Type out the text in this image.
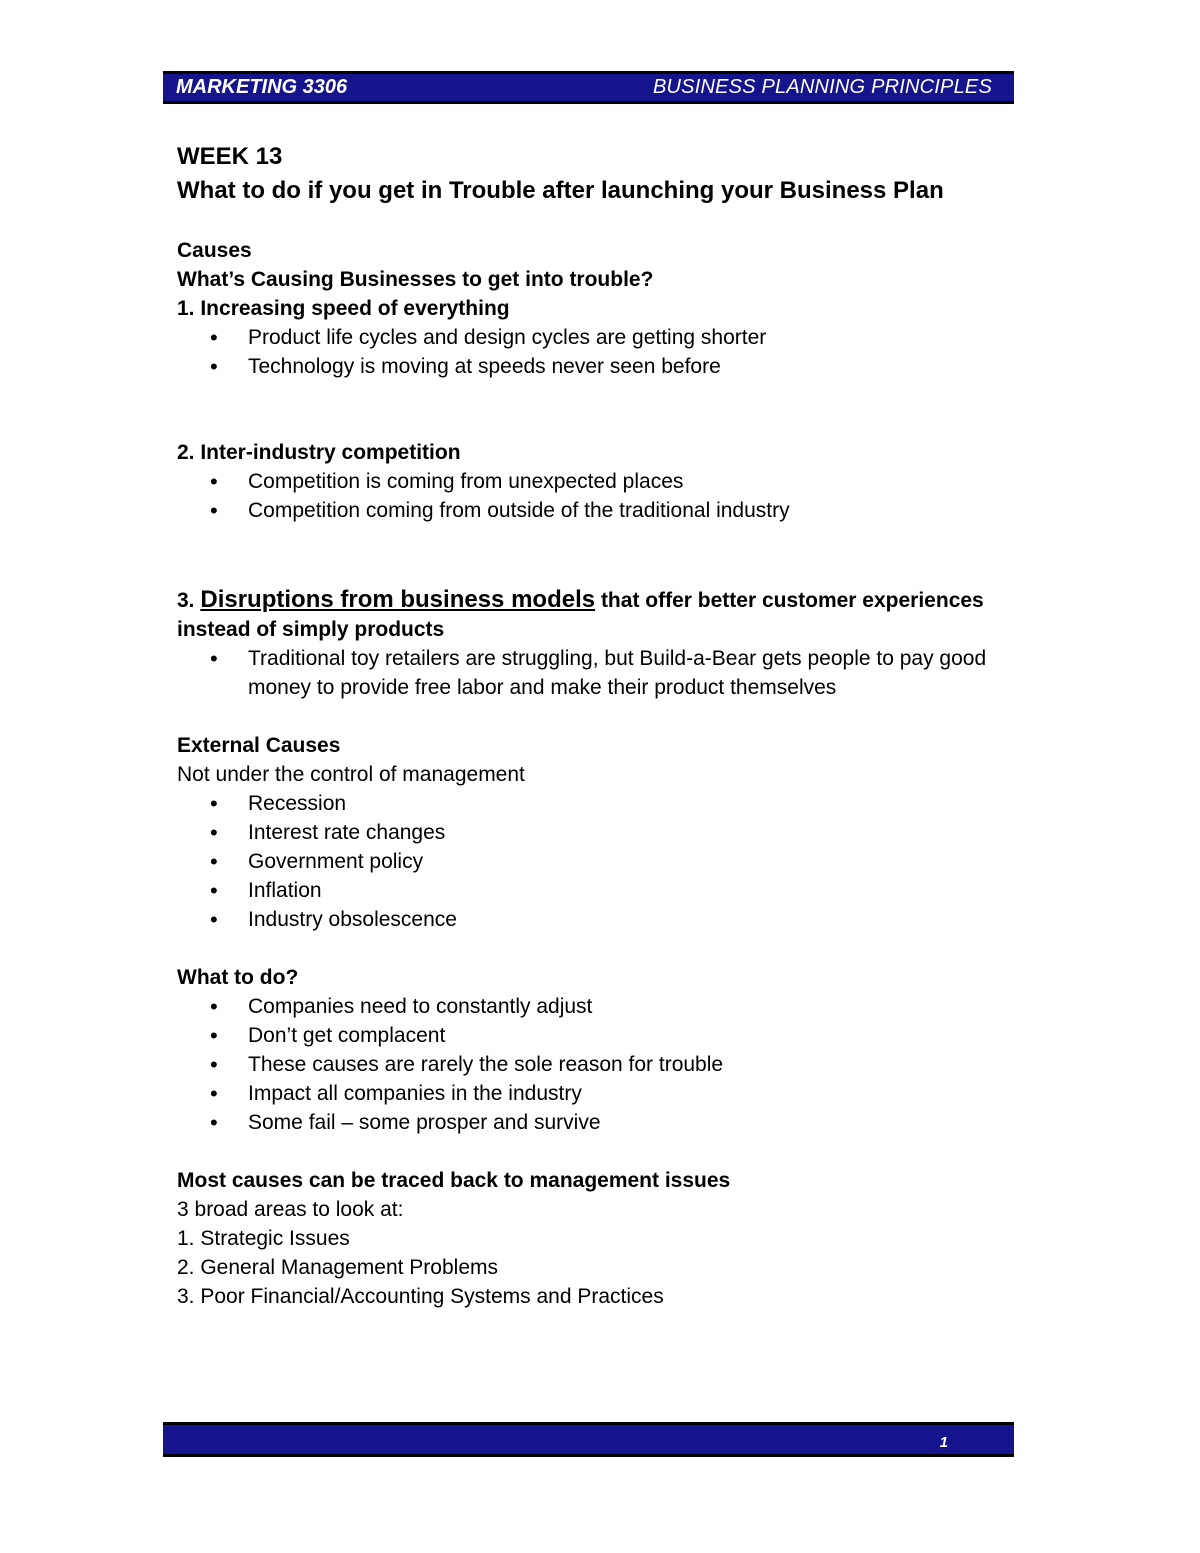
MARKETING 3306	BUSINESS PLANNING PRINCIPLES
WEEK 13
What to do if you get in Trouble after launching your Business Plan
Causes
What’s Causing Businesses to get into trouble?
1. Increasing speed of everything
• Product life cycles and design cycles are getting shorter
• Technology is moving at speeds never seen before
2. Inter-industry competition
• Competition is coming from unexpected places
• Competition coming from outside of the traditional industry
3. Disruptions from business models that offer better customer experiences instead of simply products
• Traditional toy retailers are struggling, but Build-a-Bear gets people to pay good money to provide free labor and make their product themselves
External Causes
Not under the control of management
• Recession
• Interest rate changes
• Government policy
• Inflation
• Industry obsolescence
What to do?
• Companies need to constantly adjust
• Don’t get complacent
• These causes are rarely the sole reason for trouble
• Impact all companies in the industry
• Some fail – some prosper and survive
Most causes can be traced back to management issues
3 broad areas to look at:
1. Strategic Issues
2. General Management Problems
3. Poor Financial/Accounting Systems and Practices
1
